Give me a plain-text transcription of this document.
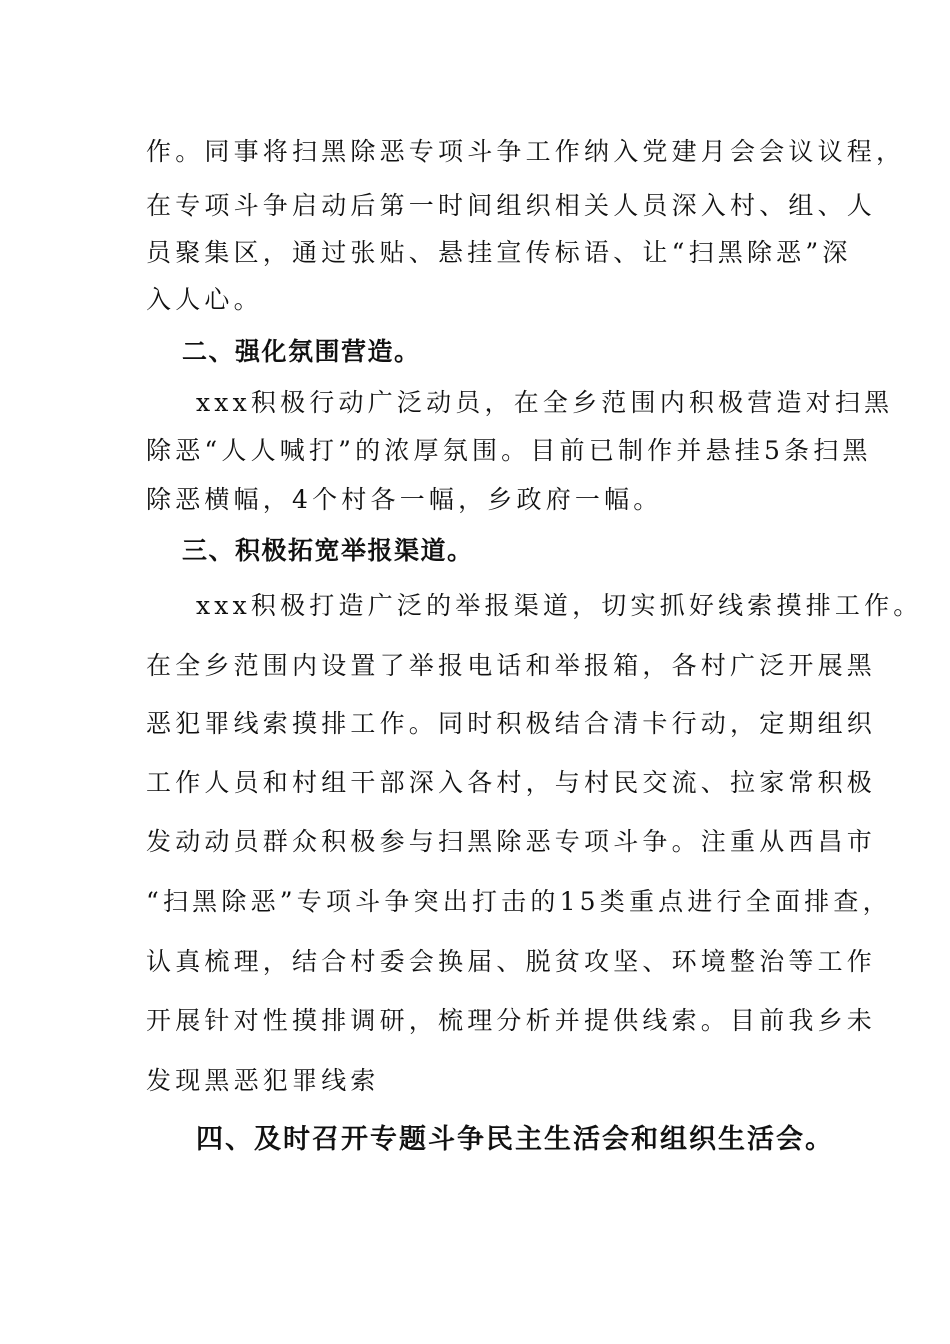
作。同事将扫黑除恶专项斗争工作纳入党建月会会议议程，
在专项斗争启动后第一时间组织相关人员深入村、组、人
员聚集区，通过张贴、悬挂宣传标语、让“扫黑除恶”深
入人心。
二、强化氛围营造。
xxx积极行动广泛动员，在全乡范围内积极营造对扫黑
除恶“人人喊打”的浓厚氛围。目前已制作并悬挂5条扫黑
除恶横幅，4个村各一幅，乡政府一幅。
三、积极拓宽举报渠道。
xxx积极打造广泛的举报渠道，切实抓好线索摸排工作。
在全乡范围内设置了举报电话和举报箱，各村广泛开展黑
恶犯罪线索摸排工作。同时积极结合清卡行动，定期组织
工作人员和村组干部深入各村，与村民交流、拉家常积极
发动动员群众积极参与扫黑除恶专项斗争。注重从西昌市
“扫黑除恶”专项斗争突出打击的15类重点进行全面排查，
认真梳理，结合村委会换届、脱贫攻坚、环境整治等工作
开展针对性摸排调研，梳理分析并提供线索。目前我乡未
发现黑恶犯罪线索
四、及时召开专题斗争民主生活会和组织生活会。
